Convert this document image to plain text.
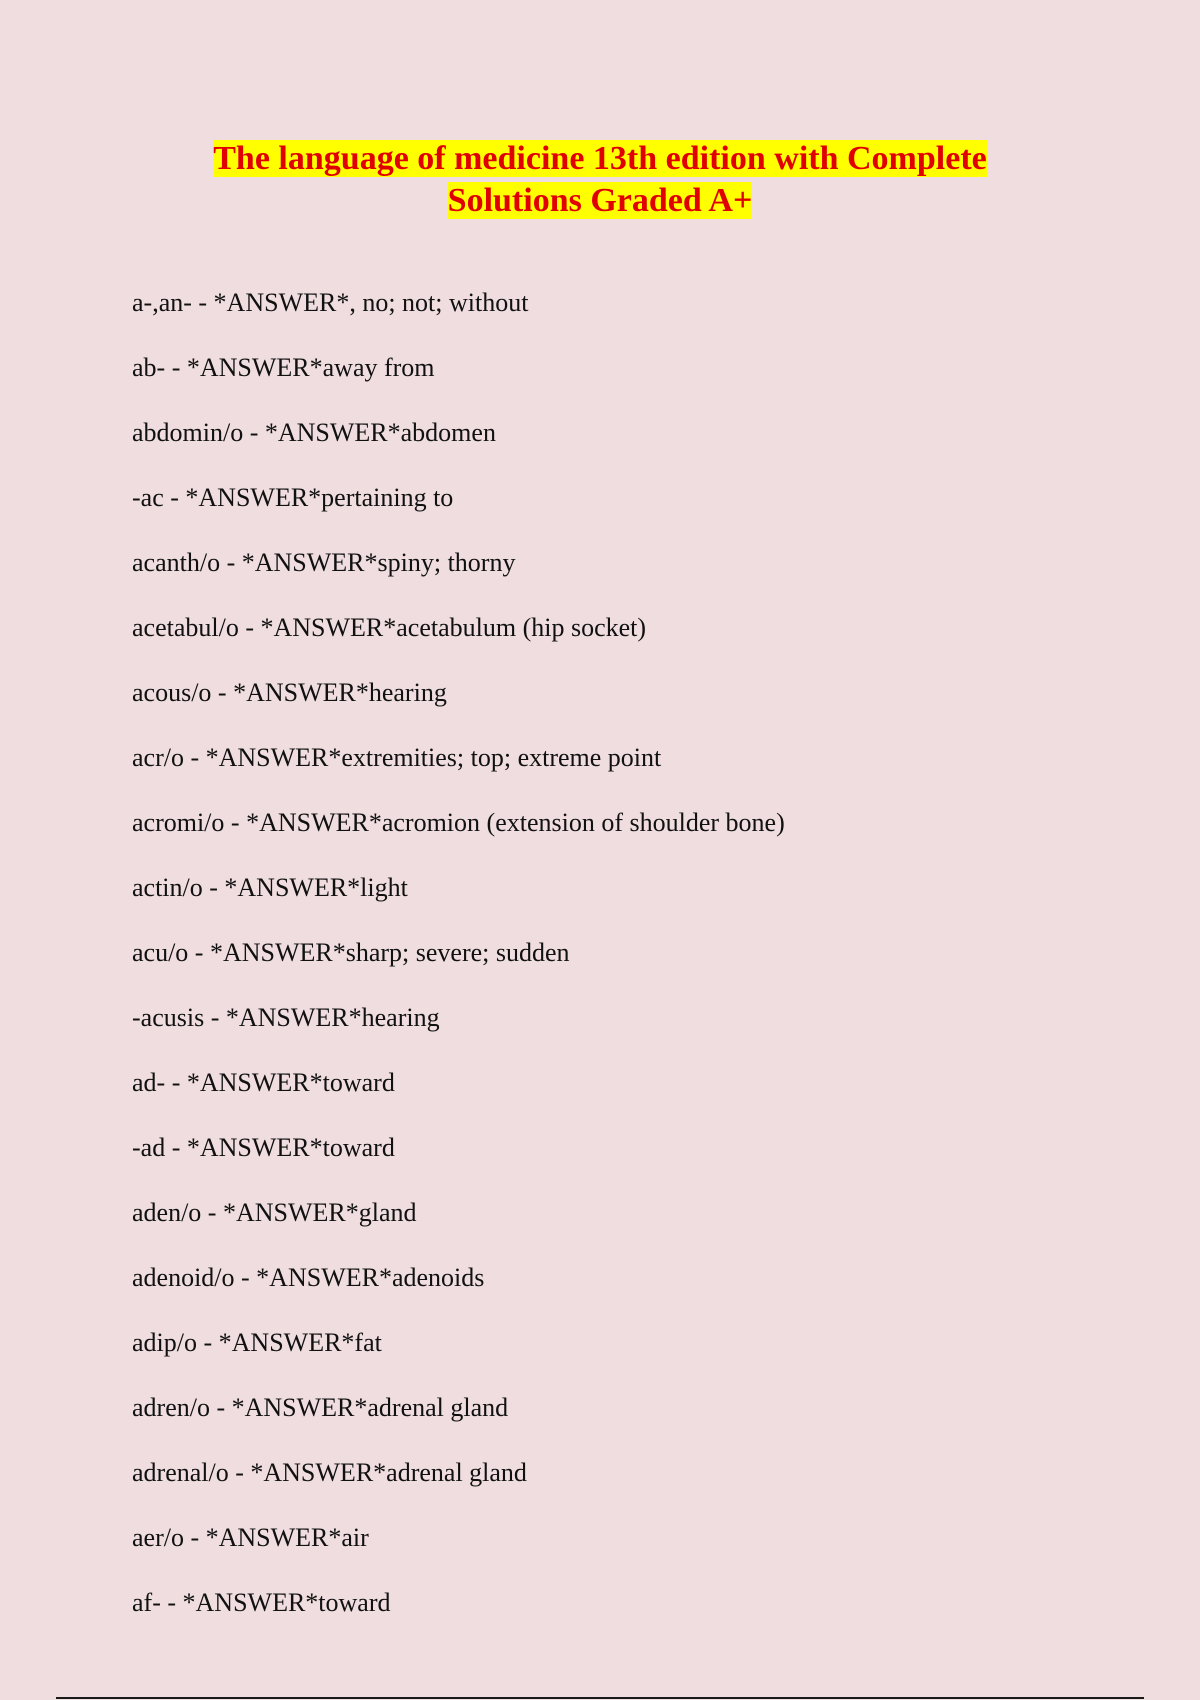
The language of medicine 13th edition with Complete
Solutions Graded A+
a-,an- - *ANSWER*, no; not; without
ab- - *ANSWER*away from
abdomin/o - *ANSWER*abdomen
-ac - *ANSWER*pertaining to
acanth/o - *ANSWER*spiny; thorny
acetabul/o - *ANSWER*acetabulum (hip socket)
acous/o - *ANSWER*hearing
acr/o - *ANSWER*extremities; top; extreme point
acromi/o - *ANSWER*acromion (extension of shoulder bone)
actin/o - *ANSWER*light
acu/o - *ANSWER*sharp; severe; sudden
-acusis - *ANSWER*hearing
ad- - *ANSWER*toward
-ad - *ANSWER*toward
aden/o - *ANSWER*gland
adenoid/o - *ANSWER*adenoids
adip/o - *ANSWER*fat
adren/o - *ANSWER*adrenal gland
adrenal/o - *ANSWER*adrenal gland
aer/o - *ANSWER*air
af- - *ANSWER*toward
